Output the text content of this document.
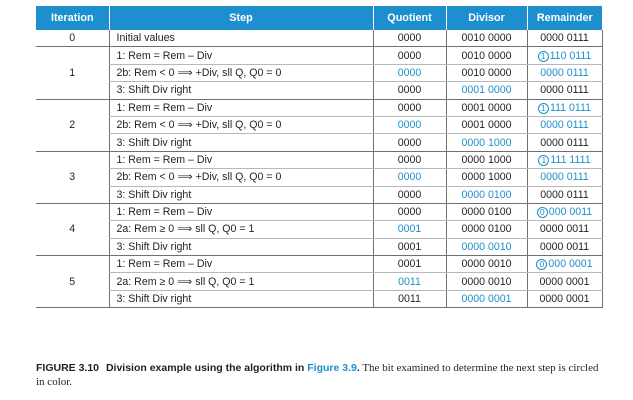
Iteration	Step	Quotient	Divisor	Remainder
0	Initial values	0000	0010 0000	0000 0111
1	1: Rem = Rem – Div	0000	0010 0000	1 110 0111
	2b: Rem < 0 ⟹ +Div, sll Q, Q0 = 0	0000	0010 0000	0000 0111
	3: Shift Div right	0000	0001 0000	0000 0111
2	1: Rem = Rem – Div	0000	0001 0000	1 111 0111
	2b: Rem < 0 ⟹ +Div, sll Q, Q0 = 0	0000	0001 0000	0000 0111
	3: Shift Div right	0000	0000 1000	0000 0111
3	1: Rem = Rem – Div	0000	0000 1000	1 111 1111
	2b: Rem < 0 ⟹ +Div, sll Q, Q0 = 0	0000	0000 1000	0000 0111
	3: Shift Div right	0000	0000 0100	0000 0111
4	1: Rem = Rem – Div	0000	0000 0100	0 000 0011
	2a: Rem ≥ 0 ⟹ sll Q, Q0 = 1	0001	0000 0100	0000 0011
	3: Shift Div right	0001	0000 0010	0000 0011
5	1: Rem = Rem – Div	0001	0000 0010	0 000 0001
	2a: Rem ≥ 0 ⟹ sll Q, Q0 = 1	0011	0000 0010	0000 0001
	3: Shift Div right	0011	0000 0001	0000 0001
FIGURE 3.10 Division example using the algorithm in Figure 3.9. The bit examined to determine the next step is circled in color.
